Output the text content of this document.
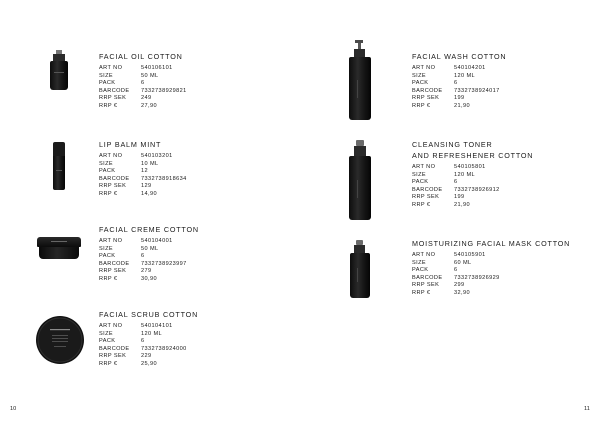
FACIAL OIL COTTON
ART NO	540106101
SIZE	50 ML
PACK	6
BARCODE	7332738929821
RRP SEK	249
RRP €	27,90
LIP BALM MINT
ART NO	540103201
SIZE	10 ML
PACK	12
BARCODE	7332738918634
RRP SEK	129
RRP €	14,90
FACIAL CREME COTTON
ART NO	540104001
SIZE	50 ML
PACK	6
BARCODE	7332738923997
RRP SEK	279
RRP €	30,90
FACIAL SCRUB COTTON
ART NO	540104101
SIZE	120 ML
PACK	6
BARCODE	7332738924000
RRP SEK	229
RRP €	25,90
10
FACIAL WASH COTTON
ART NO	540104201
SIZE	120 ML
PACK	6
BARCODE	7332738924017
RRP SEK	199
RRP €	21,90
CLEANSING TONER
AND REFRESHENER COTTON
ART NO	540105801
SIZE	120 ML
PACK	6
BARCODE	7332738926912
RRP SEK	199
RRP €	21,90
MOISTURIZING FACIAL MASK COTTON
ART NO	540105901
SIZE	60 ML
PACK	6
BARCODE	7332738926929
RRP SEK	299
RRP €	32,90
11
